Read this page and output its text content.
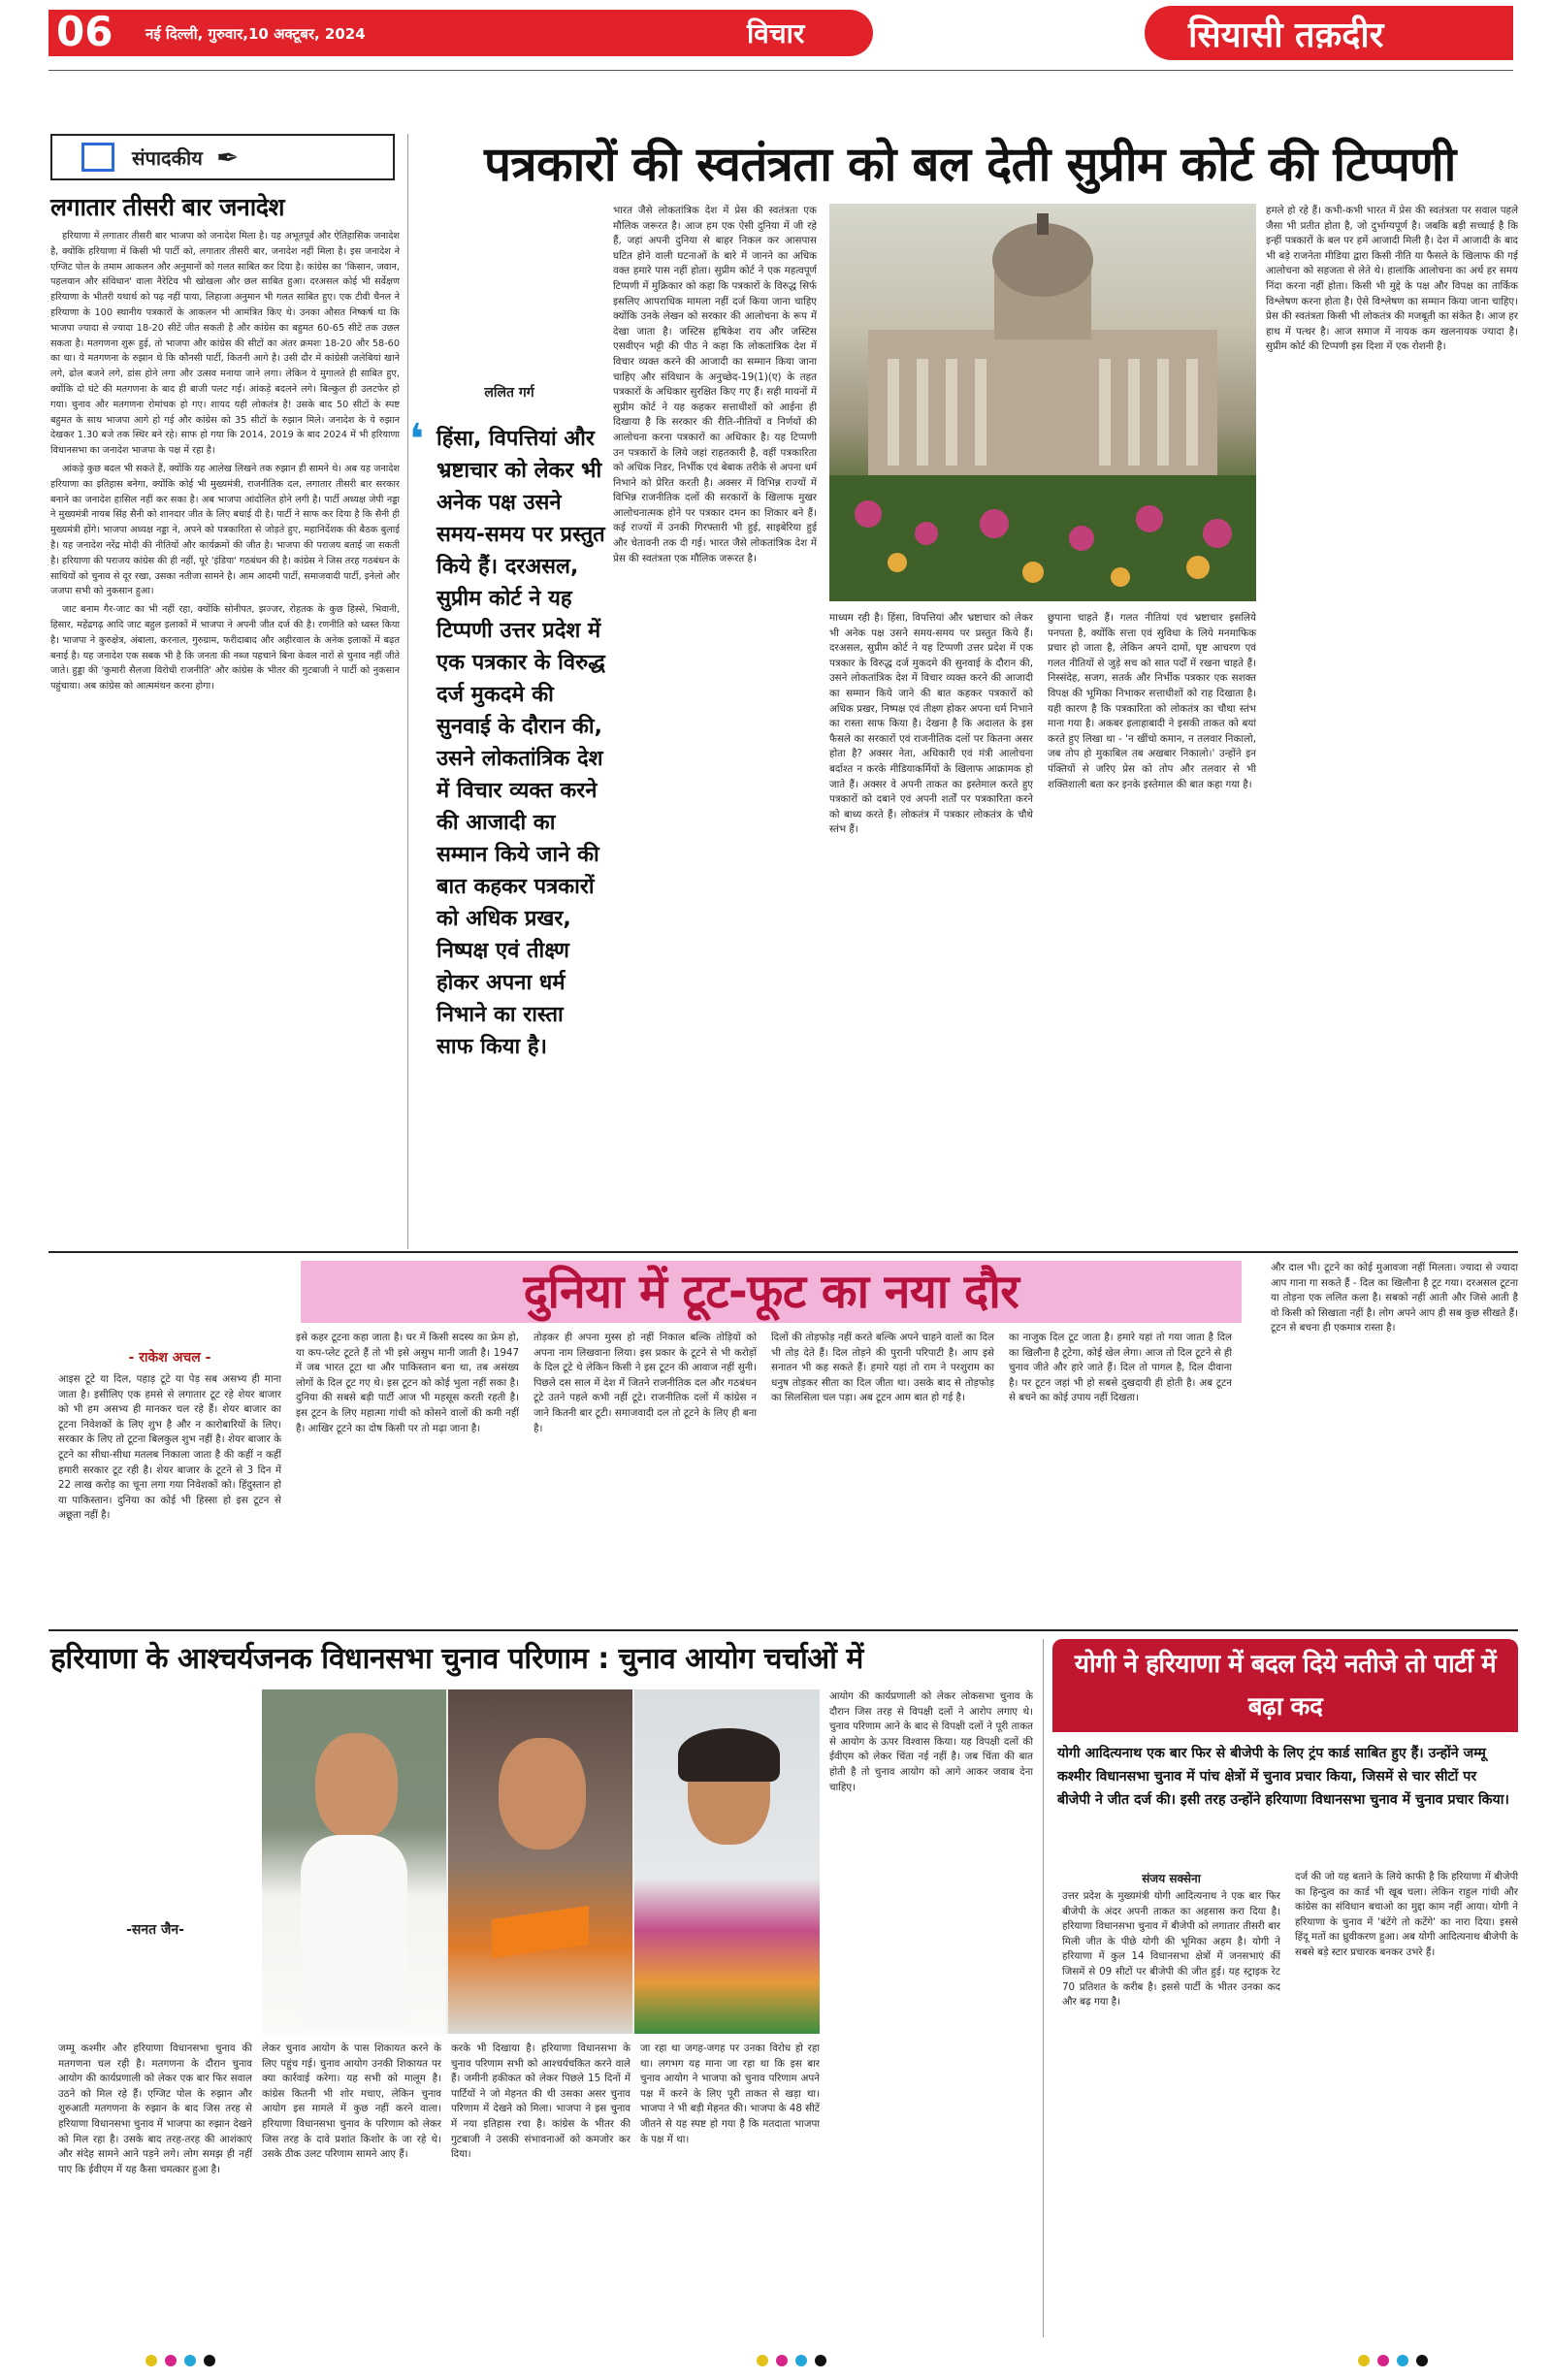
06 नई दिल्ली, गुरुवार,10 अक्टूबर, 2024	विचार	सियासी तक़दीर
संपादकीय ✒
लगातार तीसरी बार जनादेश

हरियाणा में लगातार तीसरी बार भाजपा को जनादेश मिला है। यह अभूतपूर्व और ऐतिहासिक जनादेश है, क्योंकि हरियाणा में किसी भी पार्टी को, लगातार तीसरी बार, जनादेश नहीं मिला है। इस जनादेश ने एग्जिट पोल के तमाम आकलन और अनुमानों को गलत साबित कर दिया है। कांग्रेस का 'किसान, जवान, पहलवान और संविधान' वाला नैरेटिव भी खोखला और छल साबित हुआ। दरअसल कोई भी सर्वेक्षण हरियाणा के भीतरी यथार्थ को पढ़ नहीं पाया, लिहाजा अनुमान भी गलत साबित हुए। एक टीवी चैनल ने हरियाणा के 100 स्थानीय पत्रकारों के आकलन भी आमंत्रित किए थे। उनका औसत निष्कर्ष था कि भाजपा ज्यादा से ज्यादा 18-20 सीटें जीत सकती है और कांग्रेस का बहुमत 60-65 सीटें तक उछल सकता है। मतगणना शुरू हुई, तो भाजपा और कांग्रेस की सीटों का अंतर क्रमशः 18-20 और 58-60 का था। ये मतगणना के रुझान थे कि कौनसी पार्टी, कितनी आगे है। उसी दौर में कांग्रेसी जलेबियां खाने लगे, ढोल बजने लगे, डांस होने लगा और उत्सव मनाया जाने लगा। लेकिन ये मुगालते ही साबित हुए, क्योंकि दो घंटे की मतगणना के बाद ही बाजी पलट गई। आंकड़े बदलने लगे। बिल्कुल ही उलटफेर हो गया। चुनाव और मतगणना रोमांचक हो गए। शायद यही लोकतंत्र है! उसके बाद 50 सीटों के स्पष्ट बहुमत के साथ भाजपा आगे हो गई और कांग्रेस को 35 सीटों के रुझान मिले। जनादेश के ये रुझान देखकर 1.30 बजे तक स्थिर बने रहे। साफ हो गया कि 2014, 2019 के बाद 2024 में भी हरियाणा विधानसभा का जनादेश भाजपा के पक्ष में रहा है।

आंकड़े कुछ बदल भी सकते हैं, क्योंकि यह आलेख लिखने तक रुझान ही सामने थे। अब यह जनादेश हरियाणा का इतिहास बनेगा, क्योंकि कोई भी मुख्यमंत्री, राजनीतिक दल, लगातार तीसरी बार सरकार बनाने का जनादेश हासिल नहीं कर सका है। अब भाजपा आंदोलित होने लगी है। पार्टी अध्यक्ष जेपी नड्डा ने मुख्यमंत्री नायब सिंह सैनी को शानदार जीत के लिए बधाई दी है। पार्टी ने साफ कर दिया है कि सैनी ही मुख्यमंत्री होंगे। भाजपा अध्यक्ष नड्डा ने, अपने को पत्रकारिता से जोड़ते हुए, महानिर्देशक की बैठक बुलाई है। यह जनादेश नरेंद्र मोदी की नीतियों और कार्यक्रमों की जीत है। भाजपा की पराजय बताई जा सकती है। हरियाणा की पराजय कांग्रेस की ही नहीं, पूरे 'इंडिया' गठबंधन की है। कांग्रेस ने जिस तरह गठबंधन के साथियों को चुनाव से दूर रखा, उसका नतीजा सामने है। आम आदमी पार्टी, समाजवादी पार्टी, इनेलो और जजपा सभी को नुकसान हुआ।

जाट बनाम गैर-जाट का भी नहीं रहा, क्योंकि सोनीपत, झज्जर, रोहतक के कुछ हिस्से, भिवानी, हिसार, महेंद्रगढ़ आदि जाट बहुल इलाकों में भाजपा ने अपनी जीत दर्ज की है। रणनीति को ध्वस्त किया है। भाजपा ने कुरुक्षेत्र, अंबाला, करनाल, गुरुग्राम, फरीदाबाद और अहीरवाल के अनेक इलाकों में बढ़त बनाई है। यह जनादेश एक सबक भी है कि जनता की नब्ज पहचाने बिना केवल नारों से चुनाव नहीं जीते जाते। हुड्डा की 'कुमारी सैलजा विरोधी राजनीति' और कांग्रेस के भीतर की गुटबाजी ने पार्टी को नुकसान पहुंचाया। अब कांग्रेस को आत्ममंथन करना होगा।

पत्रकारों की स्वतंत्रता को बल देती सुप्रीम कोर्ट की टिप्पणी
ललित गर्ग
❛ हिंसा, विपत्तियां और भ्रष्टाचार को लेकर भी अनेक पक्ष उसने समय-समय पर प्रस्तुत किये हैं। दरअसल, सुप्रीम कोर्ट ने यह टिप्पणी उत्तर प्रदेश में एक पत्रकार के विरुद्ध दर्ज मुकदमे की सुनवाई के दौरान की, उसने लोकतांत्रिक देश में विचार व्यक्त करने की आजादी का सम्मान किये जाने की बात कहकर पत्रकारों को अधिक प्रखर, निष्पक्ष एवं तीक्ष्ण होकर अपना धर्म निभाने का रास्ता साफ किया है।
भारत जैसे लोकतांत्रिक देश में प्रेस की स्वतंत्रता एक मौलिक जरूरत है। आज हम एक ऐसी दुनिया में जी रहे हैं, जहां अपनी दुनिया से बाहर निकल कर आसपास घटित होने वाली घटनाओं के बारे में जानने का अधिक वक्त हमारे पास नहीं होता। सुप्रीम कोर्ट ने एक महत्वपूर्ण टिप्पणी में मुक्रिकार को कहा कि पत्रकारों के विरुद्ध सिर्फ इसलिए आपराधिक मामला नहीं दर्ज किया जाना चाहिए क्योंकि उनके लेखन को सरकार की आलोचना के रूप में देखा जाता है। जस्टिस हृषिकेश राय और जस्टिस एसवीएन भट्टी की पीठ ने कहा कि लोकतांत्रिक देश में विचार व्यक्त करने की आजादी का सम्मान किया जाना चाहिए और संविधान के अनुच्छेद-19(1)(ए) के तहत पत्रकारों के अधिकार सुरक्षित किए गए हैं। सही मायनों में सुप्रीम कोर्ट ने यह कहकर सत्ताधीशों को आईना ही दिखाया है कि सरकार की रीति-नीतियों व निर्णयों की आलोचना करना पत्रकारों का अधिकार है। यह टिप्पणी उन पत्रकारों के लिये जहां राहतकारी है, वहीं पत्रकारिता को अधिक निडर, निर्भीक एवं बेबाक तरीके से अपना धर्म निभाने को प्रेरित करती है। अक्सर में विभिन्न राज्यों में विभिन्न राजनीतिक दलों की सरकारों के खिलाफ मुखर आलोचनात्मक होने पर पत्रकार दमन का शिकार बने हैं। कई राज्यों में उनकी गिरफ्तारी भी हुई, साइबेरिया हुई और चेतावनी तक दी गई। भारत जैसे लोकतांत्रिक देश में प्रेस की स्वतंत्रता एक मौलिक जरूरत है।
माध्यम रही है। हिंसा, विपत्तियां और भ्रष्टाचार को लेकर भी अनेक पक्ष उसने समय-समय पर प्रस्तुत किये हैं। दरअसल, सुप्रीम कोर्ट ने यह टिप्पणी उत्तर प्रदेश में एक पत्रकार के विरुद्ध दर्ज मुकदमे की सुनवाई के दौरान की, उसने लोकतांत्रिक देश में विचार व्यक्त करने की आजादी का सम्मान किये जाने की बात कहकर पत्रकारों को अधिक प्रखर, निष्पक्ष एवं तीक्ष्ण होकर अपना धर्म निभाने का रास्ता साफ किया है। देखना है कि अदालत के इस फैसले का सरकारों एवं राजनीतिक दलों पर कितना असर होता है? अक्सर नेता, अधिकारी एवं मंत्री आलोचना बर्दाश्त न करके मीडियाकर्मियों के खिलाफ आक्रामक हो जाते हैं। अक्सर वे अपनी ताकत का इस्तेमाल करते हुए पत्रकारों को दबाने एवं अपनी शर्तों पर पत्रकारिता करने को बाध्य करते हैं। लोकतंत्र में पत्रकार लोकतंत्र के चौथे स्तंभ हैं।
छुपाना चाहते हैं। गलत नीतियां एवं भ्रष्टाचार इसलिये पनपता है, क्योंकि सत्ता एवं सुविधा के लिये मनमाफिक प्रचार हो जाता है, लेकिन अपने दामों, घृष्ट आचरण एवं गलत नीतियों से जुड़े सच को सात पर्दों में रखना चाहते हैं। निस्संदेह, सजग, सतर्क और निर्भीक पत्रकार एक सशक्त विपक्ष की भूमिका निभाकर सत्ताधीशों को राह दिखाता है। यही कारण है कि पत्रकारिता को लोकतंत्र का चौथा स्तंभ माना गया है। अकबर इलाहाबादी ने इसकी ताकत को बयां करते हुए लिखा था - 'न खींचो कमान, न तलवार निकालो, जब तोप हो मुकाबिल तब अखबार निकालो।' उन्होंने इन पंक्तियों से जरिए प्रेस को तोप और तलवार से भी शक्तिशाली बता कर इनके इस्तेमाल की बात कहा गया है।
हमले हो रहे हैं। कभी-कभी भारत में प्रेस की स्वतंत्रता पर सवाल पहले जैसा भी प्रतीत होता है, जो दुर्भाग्यपूर्ण है। जबकि बड़ी सच्चाई है कि इन्हीं पत्रकारों के बल पर हमें आजादी मिली है। देश में आजादी के बाद भी बड़े राजनेता मीडिया द्वारा किसी नीति या फैसले के खिलाफ की गई आलोचना को सहजता से लेते थे। हालांकि आलोचना का अर्थ हर समय निंदा करना नहीं होता। किसी भी मुद्दे के पक्ष और विपक्ष का तार्किक विश्लेषण करना होता है। ऐसे विश्लेषण का सम्मान किया जाना चाहिए। प्रेस की स्वतंत्रता किसी भी लोकतंत्र की मजबूती का संकेत है। आज हर हाथ में पत्थर है। आज समाज में नायक कम खलनायक ज्यादा है। सुप्रीम कोर्ट की टिप्पणी इस दिशा में एक रोशनी है।
दुनिया में टूट-फूट का नया दौर
- राकेश अचल -
आइस टूटे या दिल, पहाड़ टूटे या पेड़ सब असभ्य ही माना जाता है। इसीलिए एक हमसे से लगातार टूट रहे शेयर बाजार को भी हम असभ्य ही मानकर चल रहे हैं। शेयर बाजार का टूटना निवेशकों के लिए शुभ है और न कारोबारियों के लिए। सरकार के लिए तो टूटना बिलकुल शुभ नहीं है। शेयर बाजार के टूटने का सीधा-सीधा मतलब निकाला जाता है की कहीं न कहीं हमारी सरकार टूट रही है। शेयर बाजार के टूटने से 3 दिन में 22 लाख करोड़ का चूना लगा गया निवेशकों को। हिंदुस्तान हो या पाकिस्तान। दुनिया का कोई भी हिस्सा हो इस टूटन से अछूता नहीं है।
इसे कहर टूटना कहा जाता है। घर में किसी सदस्य का फ्रेम हो, या कप-प्लेट टूटते हैं तो भी इसे असुभ मानी जाती है। 1947 में जब भारत टूटा था और पाकिस्तान बना था, तब असंख्य लोगों के दिल टूट गए थे। इस टूटन को कोई भुला नहीं सका है। दुनिया की सबसे बड़ी पार्टी आज भी महसूस करती रहती है। इस टूटन के लिए महात्मा गांधी को कोसने वालों की कमी नहीं है। आखिर टूटने का दोष किसी पर तो मढ़ा जाना है।
तोड़कर ही अपना मुस्स हो नहीं निकाल बल्कि तोड़ियों को अपना नाम लिखवाना लिया। इस प्रकार के टूटने से भी करोड़ों के दिल टूटे थे लेकिन किसी ने इस टूटन की आवाज नहीं सुनी। पिछले दस साल में देश में जितने राजनीतिक दल और गठबंधन टूटे उतने पहले कभी नहीं टूटे। राजनीतिक दलों में कांग्रेस न जाने कितनी बार टूटी। समाजवादी दल तो टूटने के लिए ही बना है।
दिलों की तोड़फोड़ नहीं करते बल्कि अपने चाहने वालों का दिल भी तोड़ देते हैं। दिल तोड़ने की पुरानी परिपाटी है। आप इसे सनातन भी कह सकते हैं। हमारे यहां तो राम ने परशुराम का धनुष तोड़कर सीता का दिल जीता था। उसके बाद से तोड़फोड़ का सिलसिला चल पड़ा। अब टूटन आम बात हो गई है।
का नाजुक दिल टूट जाता है। हमारे यहां तो गया जाता है दिल का खिलौना है टूटेगा, कोई खेल लेगा। आज तो दिल टूटने से ही चुनाव जीते और हारे जाते हैं। दिल तो पागल है, दिल दीवाना है। पर टूटन जहां भी हो सबसे दुखदायी ही होती है। अब टूटन से बचने का कोई उपाय नहीं दिखता।
और दाल भी। टूटने का कोई मुआवजा नहीं मिलता। ज्यादा से ज्यादा आप गाना गा सकते हैं - दिल का खिलौना है टूट गया। दरअसल टूटना या तोड़ना एक ललित कला है। सबको नहीं आती और जिसे आती है वो किसी को सिखाता नहीं है। लोग अपने आप ही सब कुछ सीखते हैं। टूटन से बचना ही एकमात्र रास्ता है।
हरियाणा के आश्चर्यजनक विधानसभा चुनाव परिणाम : चुनाव आयोग चर्चाओं में
-सनत जैन-
जम्मू कश्मीर और हरियाणा विधानसभा चुनाव की मतगणना चल रही है। मतगणना के दौरान चुनाव आयोग की कार्यप्रणाली को लेकर एक बार फिर सवाल उठने को मिल रहे हैं। एग्जिट पोल के रुझान और शुरुआती मतगणना के रुझान के बाद जिस तरह से हरियाणा विधानसभा चुनाव में भाजपा का रुझान देखने को मिल रहा है। उसके बाद तरह-तरह की आशंकाएं और संदेह सामने आने पड़ने लगे। लोग समझ ही नहीं पाए कि ईवीएम में यह कैसा चमत्कार हुआ है।
लेकर चुनाव आयोग के पास शिकायत करने के लिए पहुंच गई। चुनाव आयोग उनकी शिकायत पर क्या कार्रवाई करेगा। यह सभी को मालूम है। कांग्रेस कितनी भी शोर मचाए, लेकिन चुनाव आयोग इस मामले में कुछ नहीं करने वाला। हरियाणा विधानसभा चुनाव के परिणाम को लेकर जिस तरह के दावे प्रशांत किशोर के जा रहे थे। उसके ठीक उलट परिणाम सामने आए हैं।
करके भी दिखाया है। हरियाणा विधानसभा के चुनाव परिणाम सभी को आश्चर्यचकित करने वाले हैं। जमीनी हकीकत को लेकर पिछले 15 दिनों में पार्टियों ने जो मेहनत की थी उसका असर चुनाव परिणाम में देखने को मिला। भाजपा ने इस चुनाव में नया इतिहास रचा है। कांग्रेस के भीतर की गुटबाजी ने उसकी संभावनाओं को कमजोर कर दिया।
जा रहा था जगह-जगह पर उनका विरोध हो रहा था। लगभग यह माना जा रहा था कि इस बार चुनाव आयोग ने भाजपा को चुनाव परिणाम अपने पक्ष में करने के लिए पूरी ताकत से खड़ा था। भाजपा ने भी बड़ी मेहनत की। भाजपा के 48 सीटें जीतने से यह स्पष्ट हो गया है कि मतदाता भाजपा के पक्ष में था।
आयोग की कार्यप्रणाली को लेकर लोकसभा चुनाव के दौरान जिस तरह से विपक्षी दलों ने आरोप लगाए थे। चुनाव परिणाम आने के बाद से विपक्षी दलों ने पूरी ताकत से आयोग के ऊपर विश्वास किया। यह विपक्षी दलों की ईवीएम को लेकर चिंता नई नहीं है। जब चिंता की बात होती है तो चुनाव आयोग को आगे आकर जवाब देना चाहिए।
योगी ने हरियाणा में बदल दिये नतीजे तो पार्टी में बढ़ा कद
योगी आदित्यनाथ एक बार फिर से बीजेपी के लिए ट्रंप कार्ड साबित हुए हैं। उन्होंने जम्मू कश्मीर विधानसभा चुनाव में पांच क्षेत्रों में चुनाव प्रचार किया, जिसमें से चार सीटों पर बीजेपी ने जीत दर्ज की। इसी तरह उन्होंने हरियाणा विधानसभा चुनाव में चुनाव प्रचार किया।
संजय सक्सेना
उत्तर प्रदेश के मुख्यमंत्री योगी आदित्यनाथ ने एक बार फिर बीजेपी के अंदर अपनी ताकत का अहसास करा दिया है। हरियाणा विधानसभा चुनाव में बीजेपी को लगातार तीसरी बार मिली जीत के पीछे योगी की भूमिका अहम है। योगी ने हरियाणा में कुल 14 विधानसभा क्षेत्रों में जनसभाएं कीं जिसमें से 09 सीटों पर बीजेपी की जीत हुई। यह स्ट्राइक रेट 70 प्रतिशत के करीब है। इससे पार्टी के भीतर उनका कद और बढ़ गया है।
दर्ज की जो यह बताने के लिये काफी है कि हरियाणा में बीजेपी का हिन्दुत्व का कार्ड भी खूब चला। लेकिन राहुल गांधी और कांग्रेस का संविधान बचाओ का मुद्दा काम नहीं आया। योगी ने हरियाणा के चुनाव में 'बंटेंगे तो कटेंगे' का नारा दिया। इससे हिंदू मतों का ध्रुवीकरण हुआ। अब योगी आदित्यनाथ बीजेपी के सबसे बड़े स्टार प्रचारक बनकर उभरे हैं।
